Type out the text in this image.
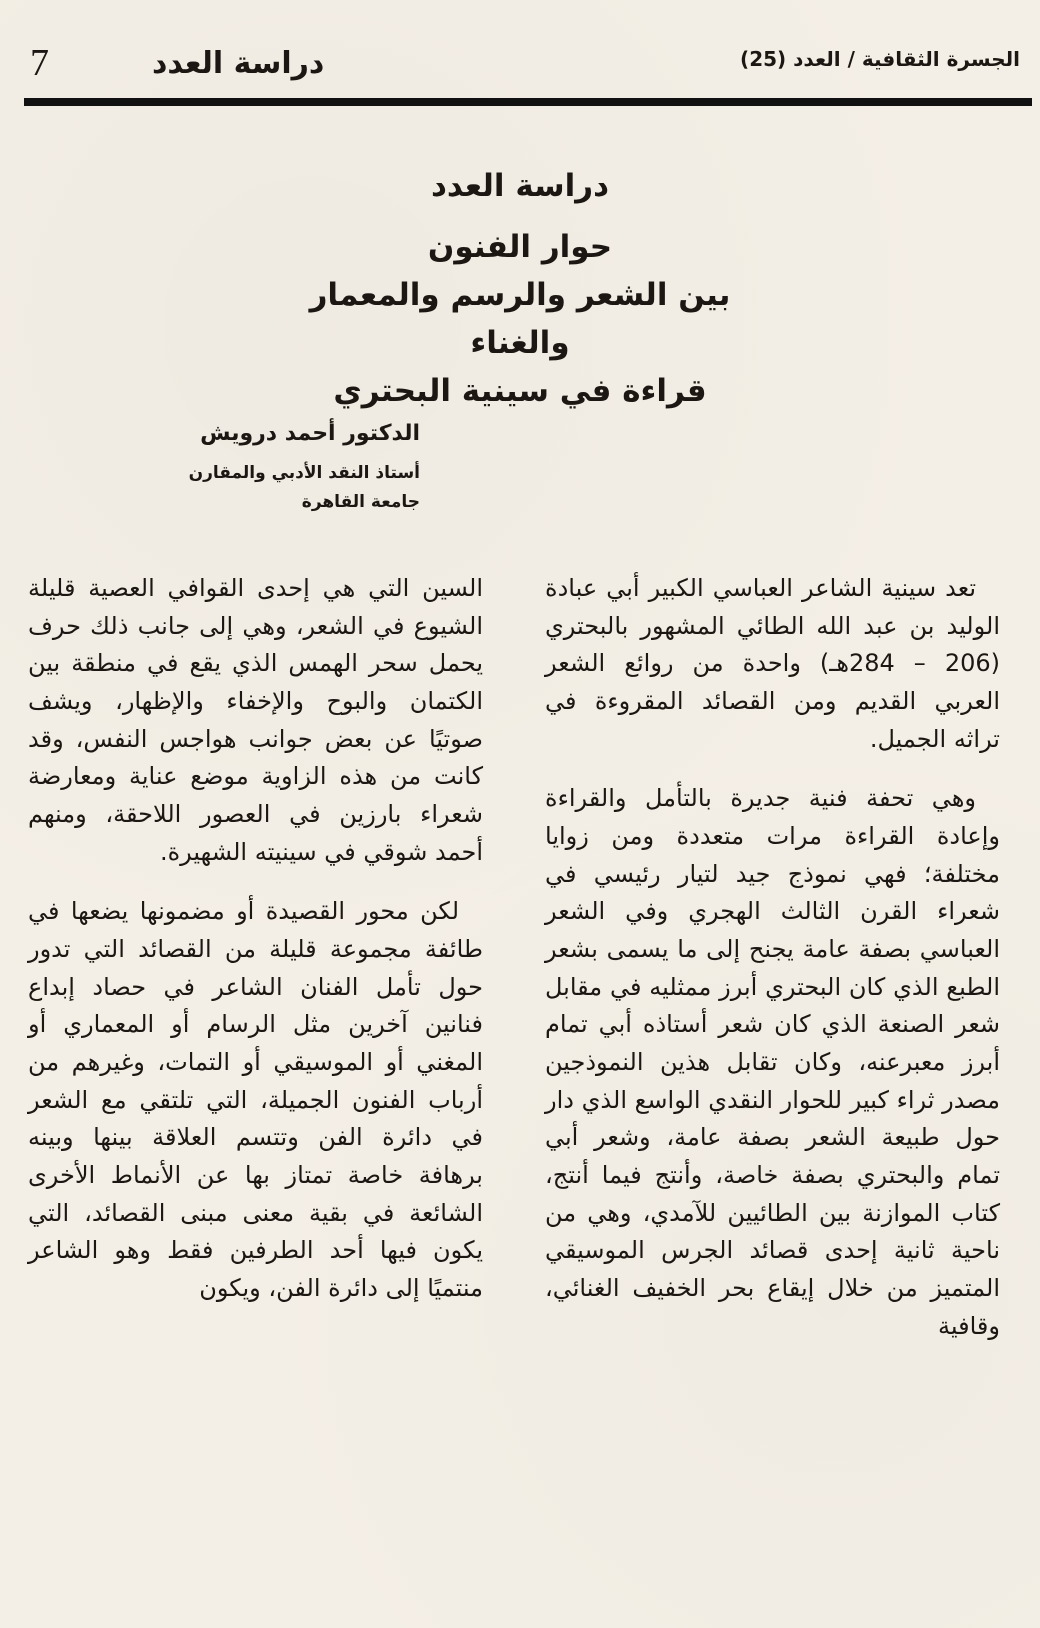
7	دراسة العدد	الجسرة الثقافية / العدد (25)
دراسة العدد
حوار الفنون
بين الشعر والرسم والمعمار والغناء
قراءة في سينية البحتري
الدكتور أحمد درويش
أستاذ النقد الأدبي والمقارن
جامعة القاهرة

تعد سينية الشاعر العباسي الكبير أبي عبادة الوليد بن عبد الله الطائي المشهور بالبحتري (206 – 284هـ) واحدة من روائع الشعر العربي القديم ومن القصائد المقروءة في تراثه الجميل.

وهي تحفة فنية جديرة بالتأمل والقراءة وإعادة القراءة مرات متعددة ومن زوايا مختلفة؛ فهي نموذج جيد لتيار رئيسي في شعراء القرن الثالث الهجري وفي الشعر العباسي بصفة عامة يجنح إلى ما يسمى بشعر الطبع الذي كان البحتري أبرز ممثليه في مقابل شعر الصنعة الذي كان شعر أستاذه أبي تمام أبرز معبرعنه، وكان تقابل هذين النموذجين مصدر ثراء كبير للحوار النقدي الواسع الذي دار حول طبيعة الشعر بصفة عامة، وشعر أبي تمام والبحتري بصفة خاصة، وأنتج فيما أنتج، كتاب الموازنة بين الطائيين للآمدي، وهي من ناحية ثانية إحدى قصائد الجرس الموسيقي المتميز من خلال إيقاع بحر الخفيف الغنائي، وقافية

السين التي هي إحدى القوافي العصية قليلة الشيوع في الشعر، وهي إلى جانب ذلك حرف يحمل سحر الهمس الذي يقع في منطقة بين الكتمان والبوح والإخفاء والإظهار، ويشف صوتيًا عن بعض جوانب هواجس النفس، وقد كانت من هذه الزاوية موضع عناية ومعارضة شعراء بارزين في العصور اللاحقة، ومنهم أحمد شوقي في سينيته الشهيرة.

لكن محور القصيدة أو مضمونها يضعها في طائفة مجموعة قليلة من القصائد التي تدور حول تأمل الفنان الشاعر في حصاد إبداع فنانين آخرين مثل الرسام أو المعماري أو المغني أو الموسيقي أو التمات، وغيرهم من أرباب الفنون الجميلة، التي تلتقي مع الشعر في دائرة الفن وتتسم العلاقة بينها وبينه برهافة خاصة تمتاز بها عن الأنماط الأخرى الشائعة في بقية معنى مبنى القصائد، التي يكون فيها أحد الطرفين فقط وهو الشاعر منتميًا إلى دائرة الفن، ويكون
